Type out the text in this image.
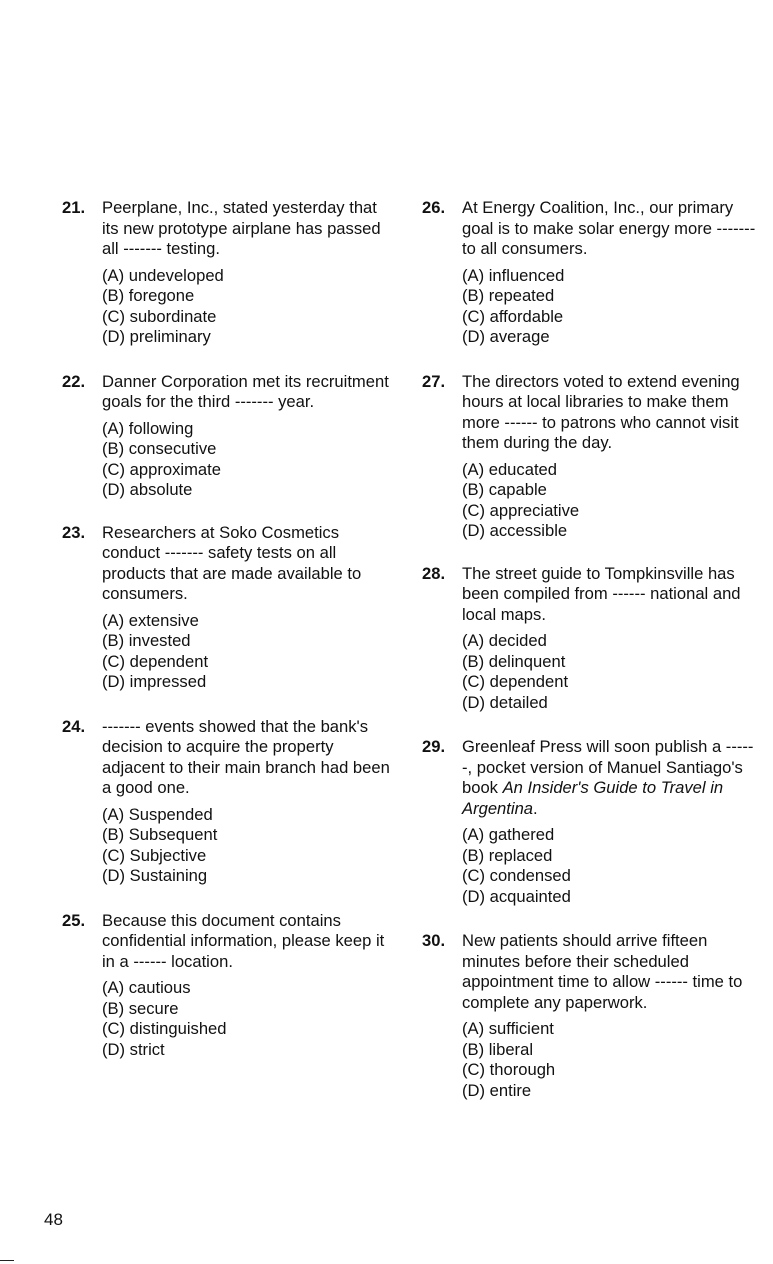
21. Peerplane, Inc., stated yesterday that its new prototype airplane has passed all ------- testing.

(A) undeveloped
(B) foregone
(C) subordinate
(D) preliminary
22. Danner Corporation met its recruitment goals for the third ------- year.

(A) following
(B) consecutive
(C) approximate
(D) absolute
23. Researchers at Soko Cosmetics conduct ------- safety tests on all products that are made available to consumers.

(A) extensive
(B) invested
(C) dependent
(D) impressed
24. ------- events showed that the bank's decision to acquire the property adjacent to their main branch had been a good one.

(A) Suspended
(B) Subsequent
(C) Subjective
(D) Sustaining
25. Because this document contains confidential information, please keep it in a ------ location.

(A) cautious
(B) secure
(C) distinguished
(D) strict
26. At Energy Coalition, Inc., our primary goal is to make solar energy more ------- to all consumers.

(A) influenced
(B) repeated
(C) affordable
(D) average
27. The directors voted to extend evening hours at local libraries to make them more ------ to patrons who cannot visit them during the day.

(A) educated
(B) capable
(C) appreciative
(D) accessible
28. The street guide to Tompkinsville has been compiled from ------ national and local maps.

(A) decided
(B) delinquent
(C) dependent
(D) detailed
29. Greenleaf Press will soon publish a ------, pocket version of Manuel Santiago's book An Insider's Guide to Travel in Argentina.

(A) gathered
(B) replaced
(C) condensed
(D) acquainted
30. New patients should arrive fifteen minutes before their scheduled appointment time to allow ------ time to complete any paperwork.

(A) sufficient
(B) liberal
(C) thorough
(D) entire
48
